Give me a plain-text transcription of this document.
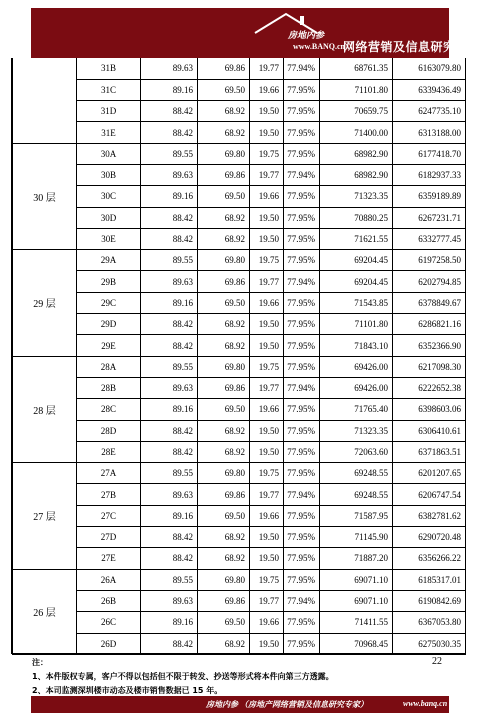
房地内参
www.BANQ.cn
网络营销及信息研究专家
	31B	89.63	69.86	19.77	77.94%	68761.35	6163079.80
	31C	89.16	69.50	19.66	77.95%	71101.80	6339436.49
	31D	88.42	68.92	19.50	77.95%	70659.75	6247735.10
	31E	88.42	68.92	19.50	77.95%	71400.00	6313188.00
30 层	30A	89.55	69.80	19.75	77.95%	68982.90	6177418.70
	30B	89.63	69.86	19.77	77.94%	68982.90	6182937.33
	30C	89.16	69.50	19.66	77.95%	71323.35	6359189.89
	30D	88.42	68.92	19.50	77.95%	70880.25	6267231.71
	30E	88.42	68.92	19.50	77.95%	71621.55	6332777.45
29 层	29A	89.55	69.80	19.75	77.95%	69204.45	6197258.50
	29B	89.63	69.86	19.77	77.94%	69204.45	6202794.85
	29C	89.16	69.50	19.66	77.95%	71543.85	6378849.67
	29D	88.42	68.92	19.50	77.95%	71101.80	6286821.16
	29E	88.42	68.92	19.50	77.95%	71843.10	6352366.90
28 层	28A	89.55	69.80	19.75	77.95%	69426.00	6217098.30
	28B	89.63	69.86	19.77	77.94%	69426.00	6222652.38
	28C	89.16	69.50	19.66	77.95%	71765.40	6398603.06
	28D	88.42	68.92	19.50	77.95%	71323.35	6306410.61
	28E	88.42	68.92	19.50	77.95%	72063.60	6371863.51
27 层	27A	89.55	69.80	19.75	77.95%	69248.55	6201207.65
	27B	89.63	69.86	19.77	77.94%	69248.55	6206747.54
	27C	89.16	69.50	19.66	77.95%	71587.95	6382781.62
	27D	88.42	68.92	19.50	77.95%	71145.90	6290720.48
	27E	88.42	68.92	19.50	77.95%	71887.20	6356266.22
26 层	26A	89.55	69.80	19.75	77.95%	69071.10	6185317.01
	26B	89.63	69.86	19.77	77.94%	69071.10	6190842.69
	26C	89.16	69.50	19.66	77.95%	71411.55	6367053.80
	26D	88.42	68.92	19.50	77.95%	70968.45	6275030.35
注：
1、本件版权专属，客户不得以包括但不限于转发、抄送等形式将本件向第三方透露。
2、本司监测深圳楼市动态及楼市销售数据已 15 年。
22
房地内参 （房地产网络营销及信息研究专家）	www.banq.cn
